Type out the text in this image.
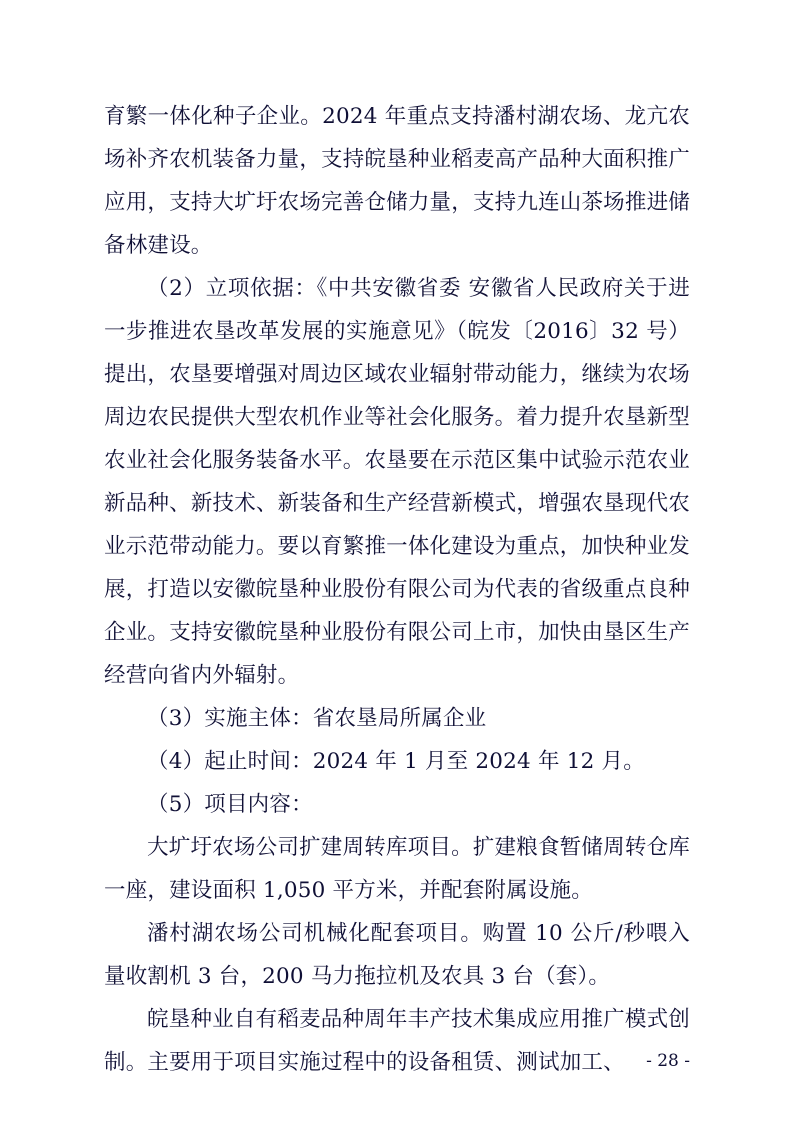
育繁一体化种子企业。2024 年重点支持潘村湖农场、龙亢农场补齐农机装备力量，支持皖垦种业稻麦高产品种大面积推广应用，支持大圹圩农场完善仓储力量，支持九连山茶场推进储备林建设。

（2）立项依据：《中共安徽省委 安徽省人民政府关于进一步推进农垦改革发展的实施意见》（皖发〔2016〕32 号）提出，农垦要增强对周边区域农业辐射带动能力，继续为农场周边农民提供大型农机作业等社会化服务。着力提升农垦新型农业社会化服务装备水平。农垦要在示范区集中试验示范农业新品种、新技术、新装备和生产经营新模式，增强农垦现代农业示范带动能力。要以育繁推一体化建设为重点，加快种业发展，打造以安徽皖垦种业股份有限公司为代表的省级重点良种企业。支持安徽皖垦种业股份有限公司上市，加快由垦区生产经营向省内外辐射。

（3）实施主体：省农垦局所属企业

（4）起止时间：2024 年 1 月至 2024 年 12 月。

（5）项目内容：

大圹圩农场公司扩建周转库项目。扩建粮食暂储周转仓库一座，建设面积 1,050 平方米，并配套附属设施。

潘村湖农场公司机械化配套项目。购置 10 公斤/秒喂入量收割机 3 台，200 马力拖拉机及农具 3 台（套）。

皖垦种业自有稻麦品种周年丰产技术集成应用推广模式创制。主要用于项目实施过程中的设备租赁、测试加工、	- 28 -
